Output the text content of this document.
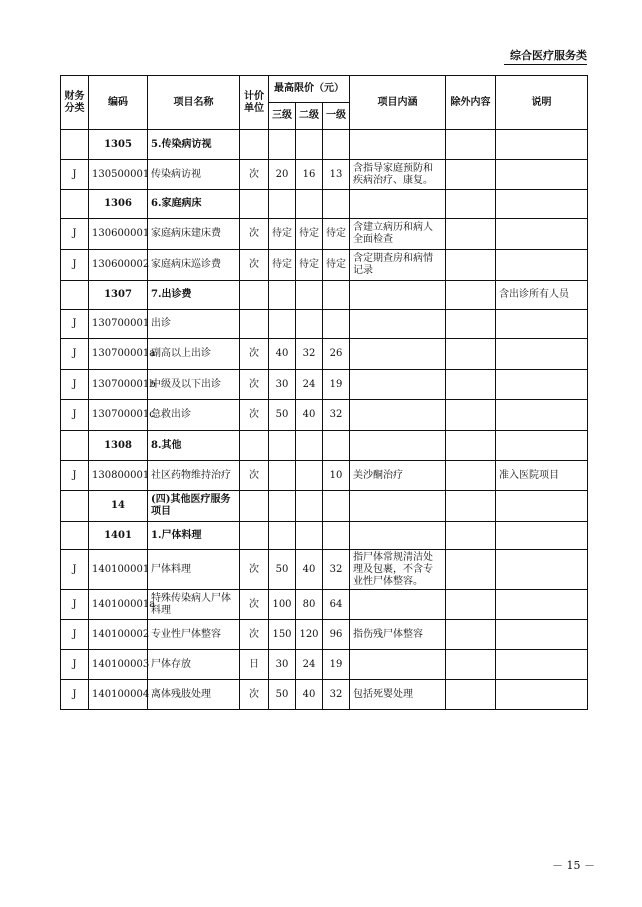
综合医疗服务类
财务分类	编码	项目名称	计价单位	最高限价（元）			项目内涵	除外内容	说明
				三级	二级	一级			
	1305	5.传染病访视							
J	130500001	传染病访视	次	20	16	13	含指导家庭预防和疾病治疗、康复。		
	1306	6.家庭病床							
J	130600001	家庭病床建床费	次	待定	待定	待定	含建立病历和病人全面检查		
J	130600002	家庭病床巡诊费	次	待定	待定	待定	含定期查房和病情记录		
	1307	7.出诊费							含出诊所有人员
J	130700001	出诊							
J	130700001a	副高以上出诊	次	40	32	26			
J	130700001b	中级及以下出诊	次	30	24	19			
J	130700001c	急救出诊	次	50	40	32			
	1308	8.其他							
J	130800001	社区药物维持治疗	次			10	美沙酮治疗		准入医院项目
	14	(四)其他医疗服务项目							
	1401	1.尸体料理							
J	140100001	尸体料理	次	50	40	32	指尸体常规清洁处理及包裹，不含专业性尸体整容。		
J	140100001a	特殊传染病人尸体料理	次	100	80	64			
J	140100002	专业性尸体整容	次	150	120	96	指伤残尸体整容		
J	140100003	尸体存放	日	30	24	19			
J	140100004	离体残肢处理	次	50	40	32	包括死婴处理		
－ 15 －
